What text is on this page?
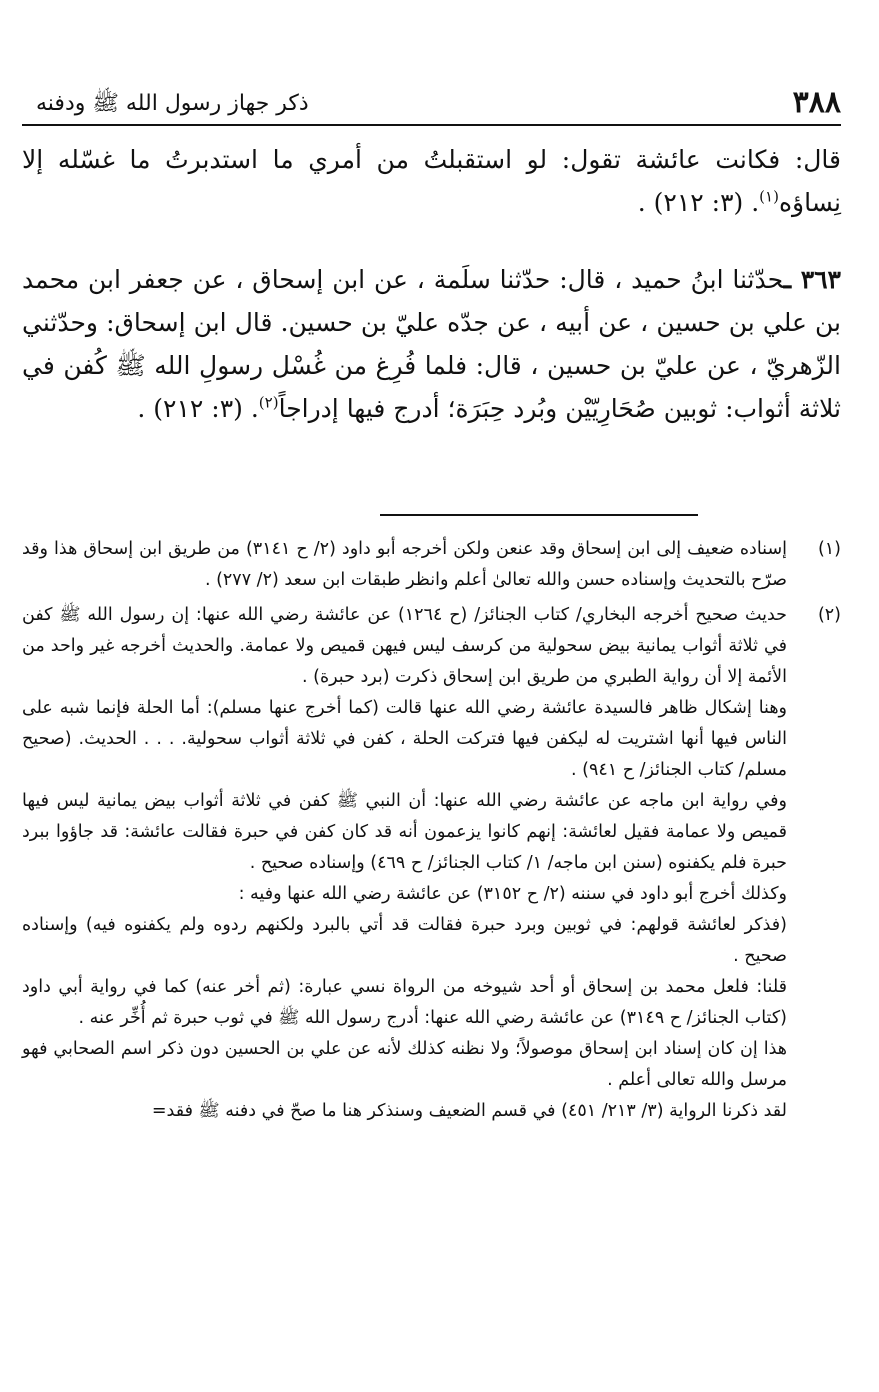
٣٨٨
ذكر جهاز رسول الله ﷺ ودفنه

قال: فكانت عائشة تقول: لو استقبلتُ من أمري ما استدبرتُ ما غسّله إلا نِساؤه$^{(١)}$. (٣: ٢١٢) .

٣٦٣ ـحدّثنا ابنُ حميد ، قال: حدّثنا سلَمة ، عن ابن إسحاق ، عن جعفر ابن محمد بن علي بن حسين ، عن أبيه ، عن جدّه عليّ بن حسين. قال ابن إسحاق: وحدّثني الزّهريّ ، عن عليّ بن حسين ، قال: فلما فُرِغ من غُسْل رسولِ الله ﷺ كُفن في ثلاثة أثواب: ثوبين صُحَارِيّيْن وبُرد حِبَرَة؛ أدرج فيها إدراجاً$^{(٢)}$. (٣: ٢١٢) .

(١)

إسناده ضعيف إلى ابن إسحاق وقد عنعن ولكن أخرجه أبو داود (٢/ ح ٣١٤١) من طريق ابن إسحاق هذا وقد صرّح بالتحديث وإسناده حسن والله تعالىٰ أعلم وانظر طبقات ابن سعد (٢/ ٢٧٧) .

(٢)

حديث صحيح أخرجه البخاري/ كتاب الجنائز/ (ح ١٢٦٤) عن عائشة رضي الله عنها: إن رسول الله ﷺ كفن في ثلاثة أثواب يمانية بيض سحولية من كرسف ليس فيهن قميص ولا عمامة. والحديث أخرجه غير واحد من الأئمة إلا أن رواية الطبري من طريق ابن إسحاق ذكرت (برد حبرة) .

وهنا إشكال ظاهر فالسيدة عائشة رضي الله عنها قالت (كما أخرج عنها مسلم): أما الحلة فإنما شبه على الناس فيها أنها اشتريت له ليكفن فيها فتركت الحلة ، كفن في ثلاثة أثواب سحولية. . . . الحديث. (صحيح مسلم/ كتاب الجنائز/ ح ٩٤١) .

وفي رواية ابن ماجه عن عائشة رضي الله عنها: أن النبي ﷺ كفن في ثلاثة أثواب بيض يمانية ليس فيها قميص ولا عمامة فقيل لعائشة: إنهم كانوا يزعمون أنه قد كان كفن في حبرة فقالت عائشة: قد جاؤوا ببرد حبرة فلم يكفنوه (سنن ابن ماجه/ ١/ كتاب الجنائز/ ح ٤٦٩) وإسناده صحيح .

وكذلك أخرج أبو داود في سننه (٢/ ح ٣١٥٢) عن عائشة رضي الله عنها وفيه :

(فذكر لعائشة قولهم: في ثوبين وبرد حبرة فقالت قد أتي بالبرد ولكنهم ردوه ولم يكفنوه فيه) وإسناده صحيح .

قلنا: فلعل محمد بن إسحاق أو أحد شيوخه من الرواة نسي عبارة: (ثم أخر عنه) كما في رواية أبي داود (كتاب الجنائز/ ح ٣١٤٩) عن عائشة رضي الله عنها: أدرج رسول الله ﷺ في ثوب حبرة ثم أُخِّر عنه .

هذا إن كان إسناد ابن إسحاق موصولاً؛ ولا نظنه كذلك لأنه عن علي بن الحسين دون ذكر اسم الصحابي فهو مرسل والله تعالى أعلم .

لقد ذكرنا الرواية (٣/ ٢١٣/ ٤٥١) في قسم الضعيف وسنذكر هنا ما صحّ في دفنه ﷺ فقد=
